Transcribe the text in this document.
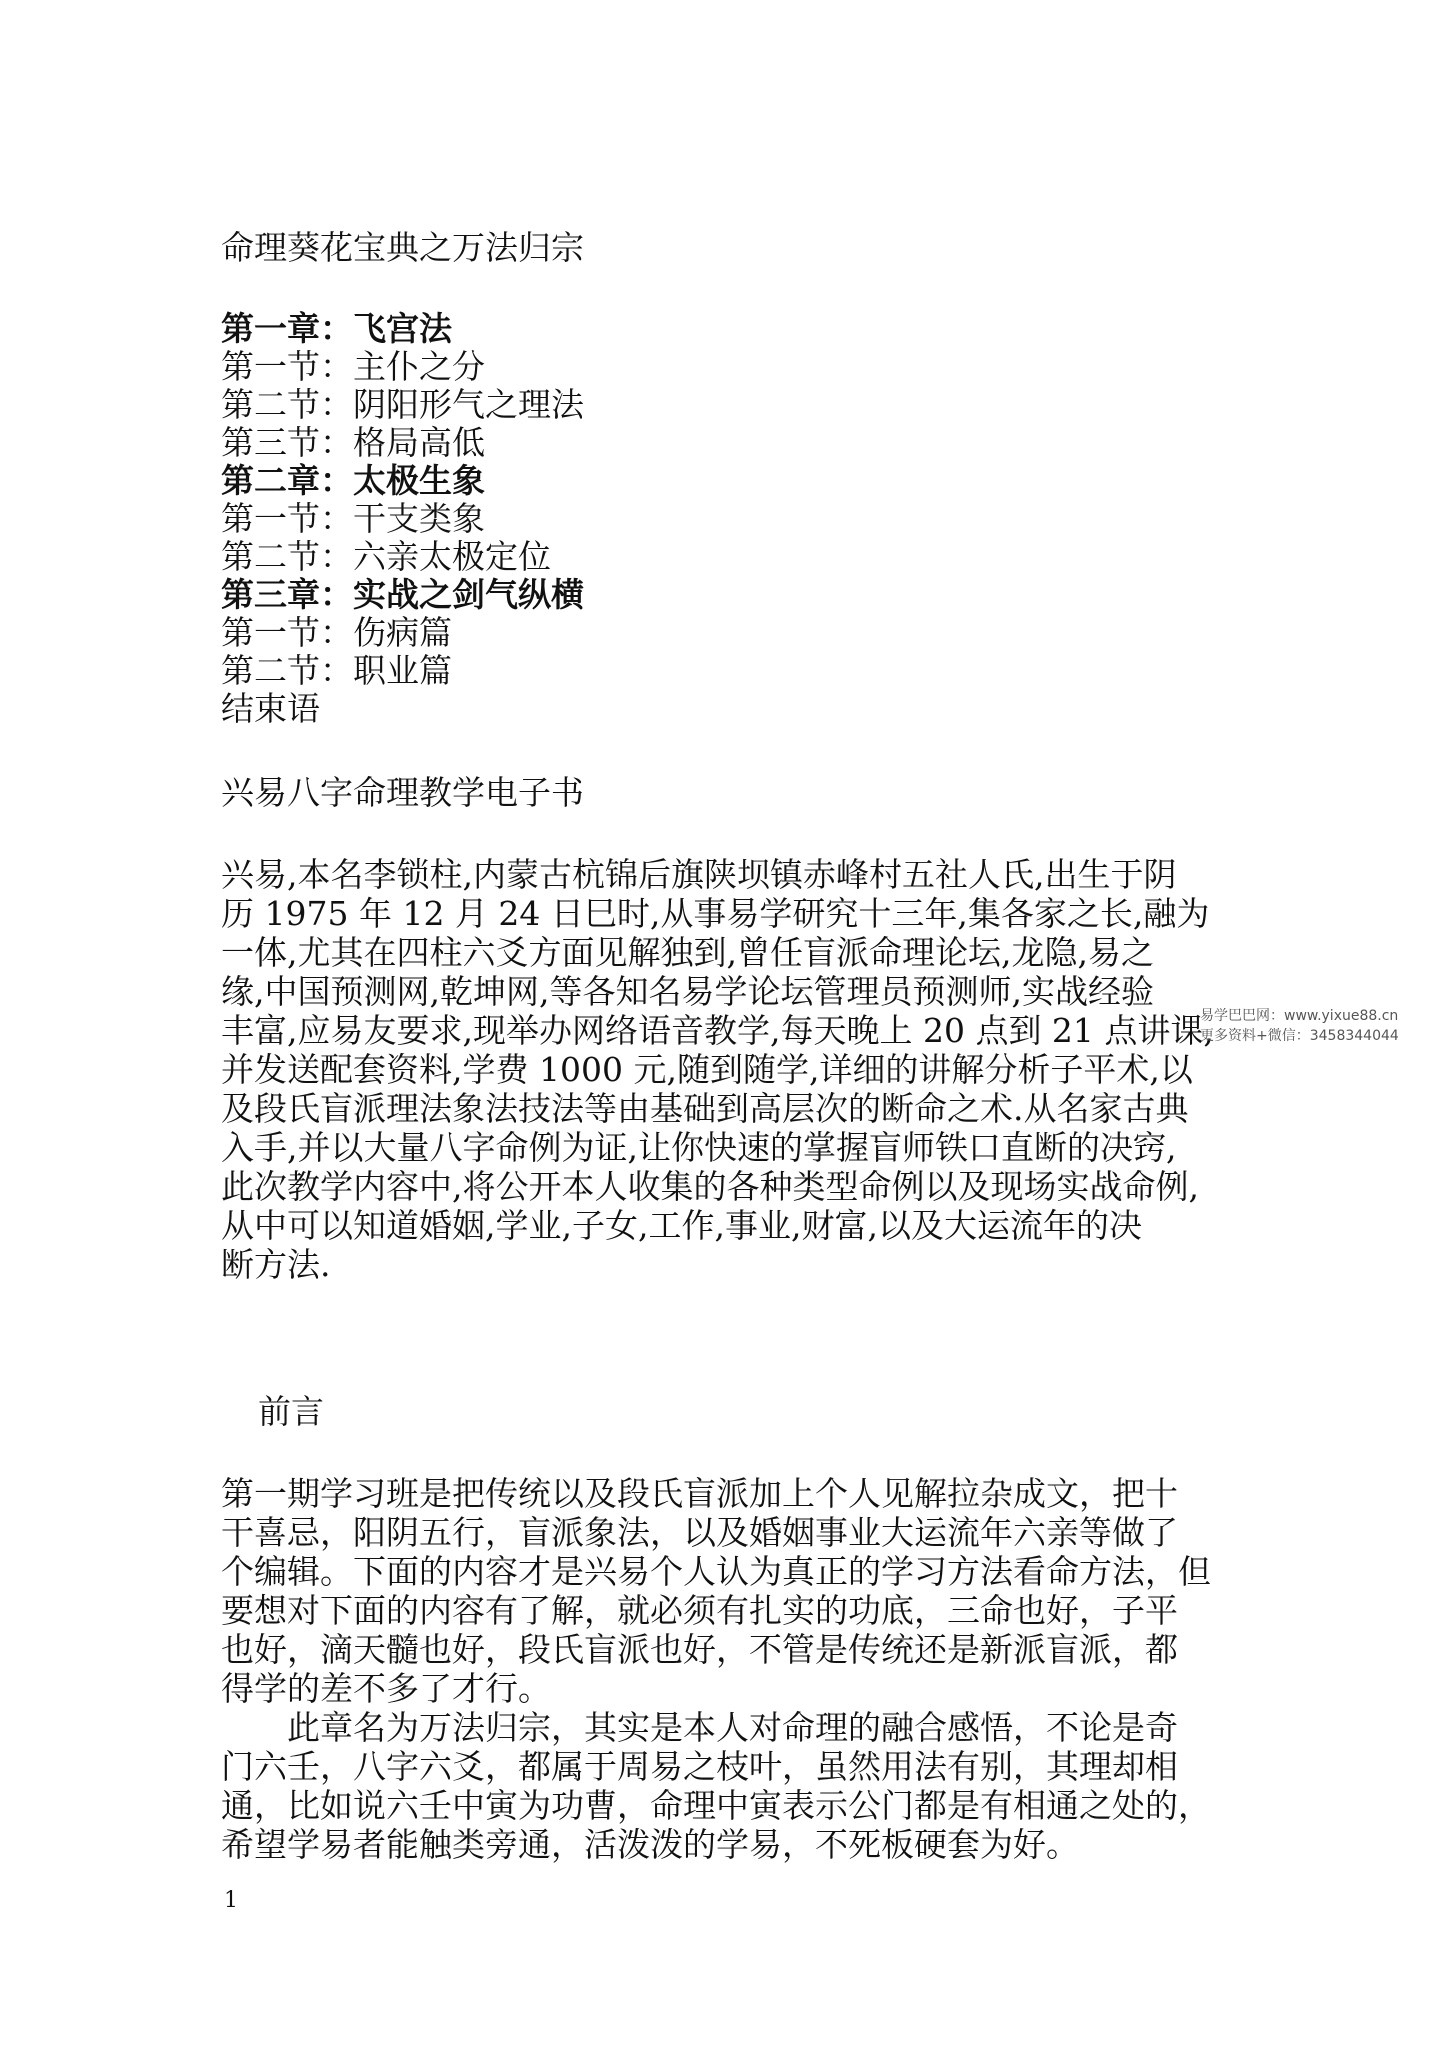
命理葵花宝典之万法归宗
第一章：飞宫法
第一节：主仆之分
第二节：阴阳形气之理法
第三节：格局高低
第二章：太极生象
第一节：干支类象
第二节：六亲太极定位
第三章：实战之剑气纵横
第一节：伤病篇
第二节：职业篇
结束语
兴易八字命理教学电子书
兴易,本名李锁柱,内蒙古杭锦后旗陕坝镇赤峰村五社人氏,出生于阴
历 1975 年 12 月 24 日巳时,从事易学研究十三年,集各家之长,融为
一体,尤其在四柱六爻方面见解独到,曾任盲派命理论坛,龙隐,易之
缘,中国预测网,乾坤网,等各知名易学论坛管理员预测师,实战经验
丰富,应易友要求,现举办网络语音教学,每天晚上 20 点到 21 点讲课,
并发送配套资料,学费 1000 元,随到随学,详细的讲解分析子平术,以
及段氏盲派理法象法技法等由基础到高层次的断命之术.从名家古典
入手,并以大量八字命例为证,让你快速的掌握盲师铁口直断的决窍,
此次教学内容中,将公开本人收集的各种类型命例以及现场实战命例,
从中可以知道婚姻,学业,子女,工作,事业,财富,以及大运流年的决
断方法.
前言
第一期学习班是把传统以及段氏盲派加上个人见解拉杂成文，把十
干喜忌，阳阴五行，盲派象法，以及婚姻事业大运流年六亲等做了
个编辑。下面的内容才是兴易个人认为真正的学习方法看命方法，但
要想对下面的内容有了解，就必须有扎实的功底，三命也好，子平
也好，滴天髓也好，段氏盲派也好，不管是传统还是新派盲派，都
得学的差不多了才行。
　　此章名为万法归宗，其实是本人对命理的融合感悟，不论是奇
门六壬，八字六爻，都属于周易之枝叶，虽然用法有别，其理却相
通，比如说六壬中寅为功曹，命理中寅表示公门都是有相通之处的，
希望学易者能触类旁通，活泼泼的学易，不死板硬套为好。
1
易学巴巴网：www.yixue88.cn
更多资料+微信：3458344044
